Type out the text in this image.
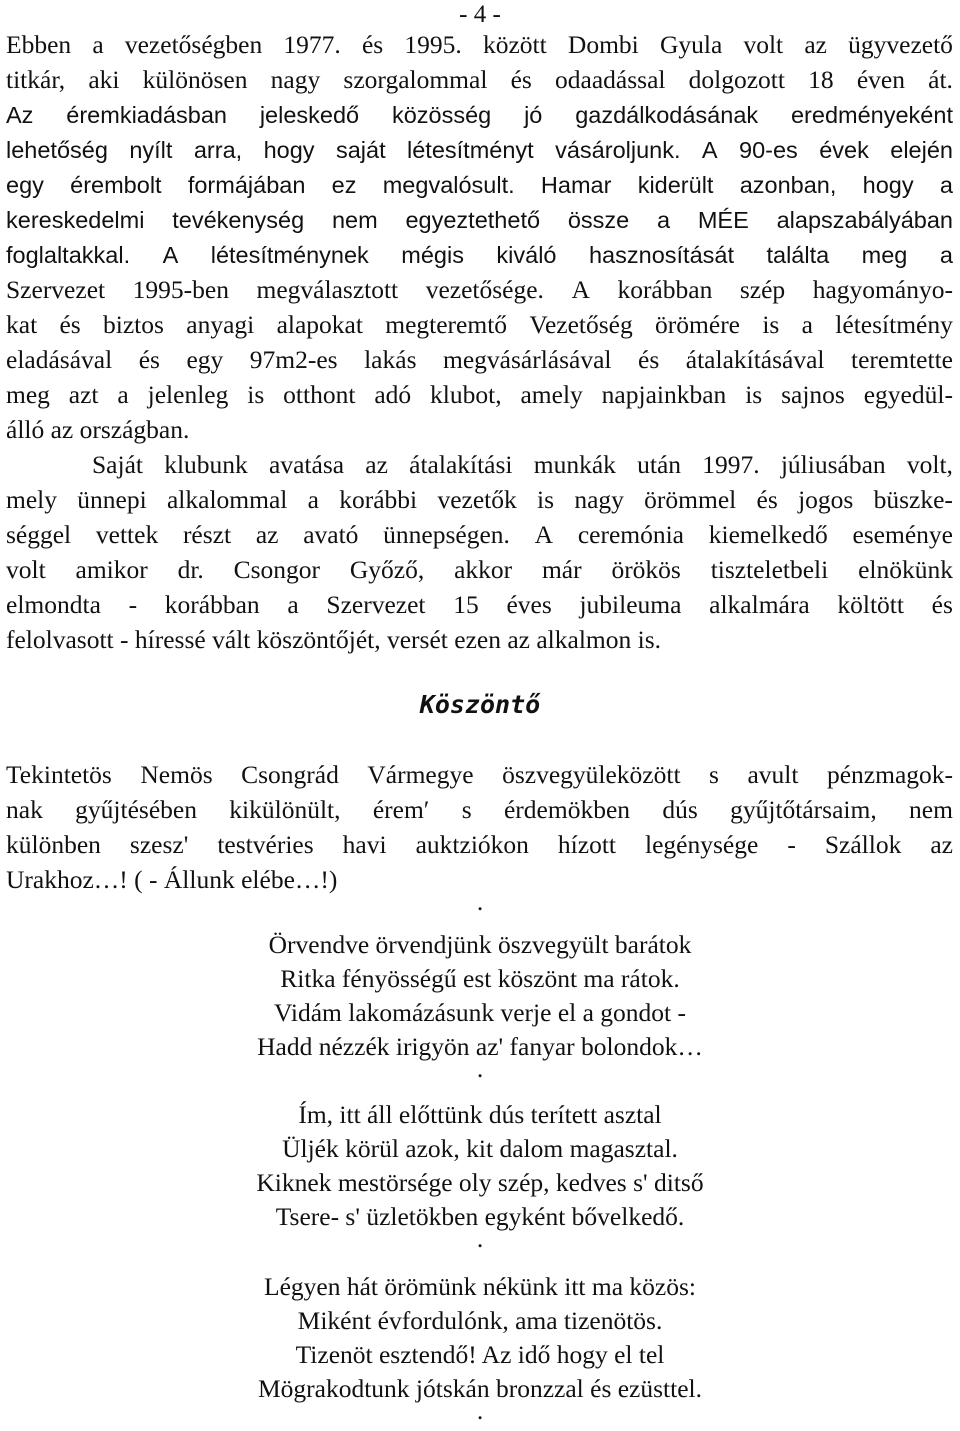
- 4 -
Ebben a vezetőségben 1977. és 1995. között Dombi Gyula volt az ügyvezető
titkár, aki különösen nagy szorgalommal és odaadással dolgozott 18 éven át.
Az éremkiadásban jeleskedő közösség jó gazdálkodásának eredményeként
lehetőség nyílt arra, hogy saját létesítményt vásároljunk. A 90-es évek elején
egy érembolt formájában ez megvalósult. Hamar kiderült azonban, hogy a
kereskedelmi tevékenység nem egyeztethető össze a MÉE alapszabályában
foglaltakkal. A létesítménynek mégis kiváló hasznosítását találta meg a
Szervezet 1995-ben megválasztott vezetősége. A korábban szép hagyományo-
kat és biztos anyagi alapokat megteremtő Vezetőség örömére is a létesítmény
eladásával és egy 97m2-es lakás megvásárlásával és átalakításával teremtette
meg azt a jelenleg is otthont adó klubot, amely napjainkban is sajnos egyedül-
álló az országban.
Saját klubunk avatása az átalakítási munkák után 1997. júliusában volt,
mely ünnepi alkalommal a korábbi vezetők is nagy örömmel és jogos büszke-
séggel vettek részt az avató ünnepségen. A ceremónia kiemelkedő eseménye
volt amikor dr. Csongor Győző, akkor már örökös tiszteletbeli elnökünk
elmondta - korábban a Szervezet 15 éves jubileuma alkalmára költött és
felolvasott - híressé vált köszöntőjét, versét ezen az alkalmon is.
Köszöntő
Tekintetös Nemös Csongrád Vármegye öszvegyüleközött s avult pénzmagok-
nak gyűjtésében kikülönült, érem′ s érdemökben dús gyűjtőtársaim, nem
különben szesz' testvéries havi auktziókon hízott legénysége - Szállok az
Urakhoz…! ( - Állunk elébe…!)
.
Örvendve örvendjünk öszvegyült barátok
Ritka fényösségű est köszönt ma rátok.
Vidám lakomázásunk verje el a gondot -
Hadd nézzék irigyön az' fanyar bolondok…
.
Ím, itt áll előttünk dús terített asztal
Üljék körül azok, kit dalom magasztal.
Kiknek mestörsége oly szép, kedves s' ditső
Tsere- s' üzletökben egyként bővelkedő.
.
Légyen hát örömünk nékünk itt ma közös:
Miként évfordulónk, ama tizenötös.
Tizenöt esztendő! Az idő hogy el tel
Mögrakodtunk jótskán bronzzal és ezüsttel.
.
